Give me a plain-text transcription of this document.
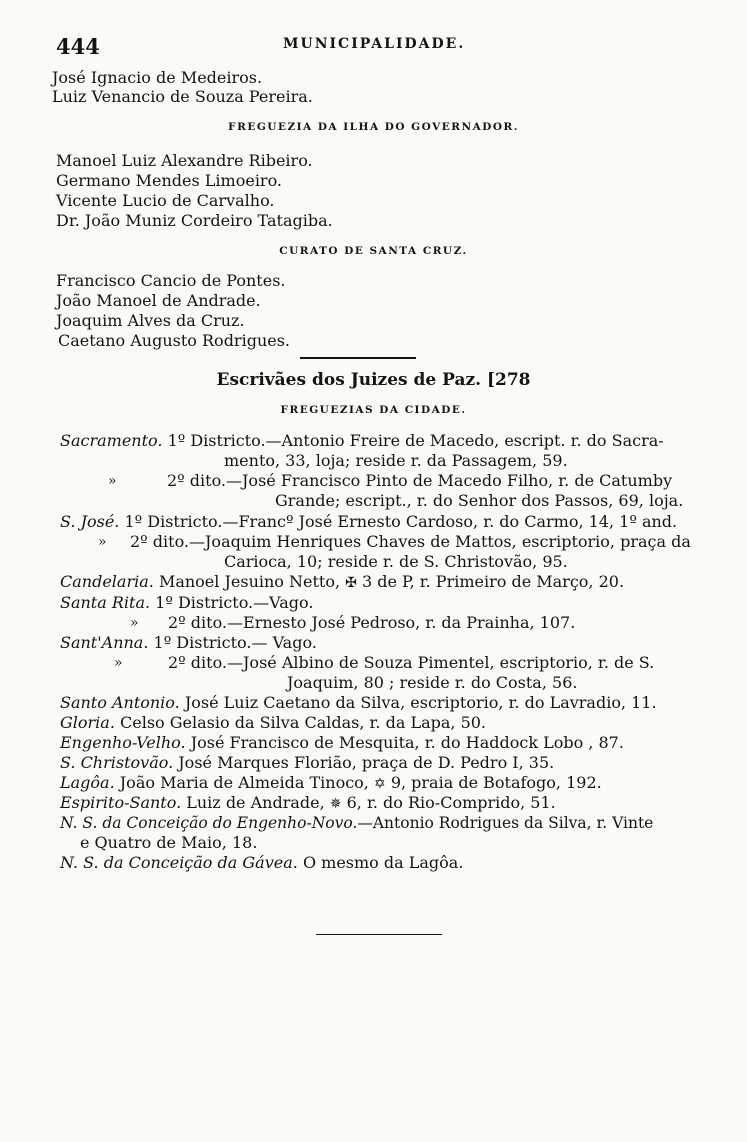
444	MUNICIPALIDADE.
José Ignacio de Medeiros.
Luiz Venancio de Souza Pereira.
FREGUEZIA DA ILHA DO GOVERNADOR.
Manoel Luiz Alexandre Ribeiro.
Germano Mendes Limoeiro.
Vicente Lucio de Carvalho.
Dr. João Muniz Cordeiro Tatagiba.
CURATO DE SANTA CRUZ.
Francisco Cancio de Pontes.
João Manoel de Andrade.
Joaquim Alves da Cruz.
Caetano Augusto Rodrigues.
Escrivães dos Juizes de Paz. [278
FREGUEZIAS DA CIDADE.
Sacramento. 1º Districto.—Antonio Freire de Macedo, escript. r. do Sacra-
mento, 33, loja; reside r. da Passagem, 59.
»	2º dito.—José Francisco Pinto de Macedo Filho, r. de Catumby
Grande; escript., r. do Senhor dos Passos, 69, loja.
S. José. 1º Districto.—Francº José Ernesto Cardoso, r. do Carmo, 14, 1º and.
» 2º dito.—Joaquim Henriques Chaves de Mattos, escriptorio, praça da
Carioca, 10; reside r. de S. Christovão, 95.
Candelaria. Manoel Jesuino Netto, ✠ 3 de P, r. Primeiro de Março, 20.
Santa Rita. 1º Districto.—Vago.
» 2º dito.—Ernesto José Pedroso, r. da Prainha, 107.
Sant'Anna. 1º Districto.— Vago.
»	2º dito.—José Albino de Souza Pimentel, escriptorio, r. de S.
Joaquim, 80 ; reside r. do Costa, 56.
Santo Antonio. José Luiz Caetano da Silva, escriptorio, r. do Lavradio, 11.
Gloria. Celso Gelasio da Silva Caldas, r. da Lapa, 50.
Engenho-Velho. José Francisco de Mesquita, r. do Haddock Lobo , 87.
S. Christovão. José Marques Florião, praça de D. Pedro I, 35.
Lagôa. João Maria de Almeida Tinoco, ✡ 9, praia de Botafogo, 192.
Espirito-Santo. Luiz de Andrade, ✵ 6, r. do Rio-Comprido, 51.
N. S. da Conceição do Engenho-Novo.—Antonio Rodrigues da Silva, r. Vinte
e Quatro de Maio, 18.
N. S. da Conceição da Gávea. O mesmo da Lagôa.
